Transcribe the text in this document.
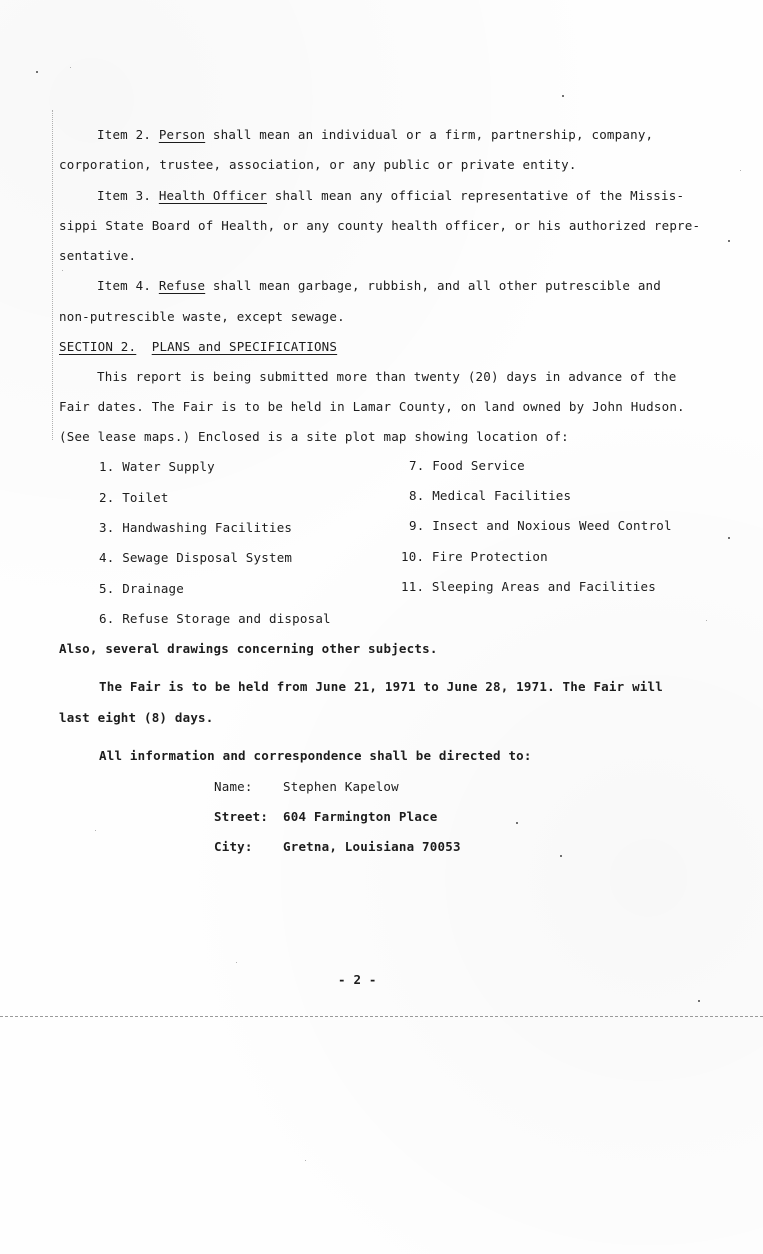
Item 2. Person shall mean an individual or a firm, partnership, company,
corporation, trustee, association, or any public or private entity.
Item 3. Health Officer shall mean any official representative of the Missis-
sippi State Board of Health, or any county health officer, or his authorized repre-
sentative.
Item 4. Refuse shall mean garbage, rubbish, and all other putrescible and
non-putrescible waste, except sewage.
SECTION 2. PLANS and SPECIFICATIONS
This report is being submitted more than twenty (20) days in advance of the
Fair dates. The Fair is to be held in Lamar County, on land owned by John Hudson.
(See lease maps.) Enclosed is a site plot map showing location of:
1. Water Supply
2. Toilet
3. Handwashing Facilities
4. Sewage Disposal System
5. Drainage
6. Refuse Storage and disposal
7. Food Service
8. Medical Facilities
9. Insect and Noxious Weed Control
10. Fire Protection
11. Sleeping Areas and Facilities
Also, several drawings concerning other subjects.
The Fair is to be held from June 21, 1971 to June 28, 1971. The Fair will
last eight (8) days.
All information and correspondence shall be directed to:
Name: Stephen Kapelow
Street: 604 Farmington Place
City: Gretna, Louisiana 70053
- 2 -
